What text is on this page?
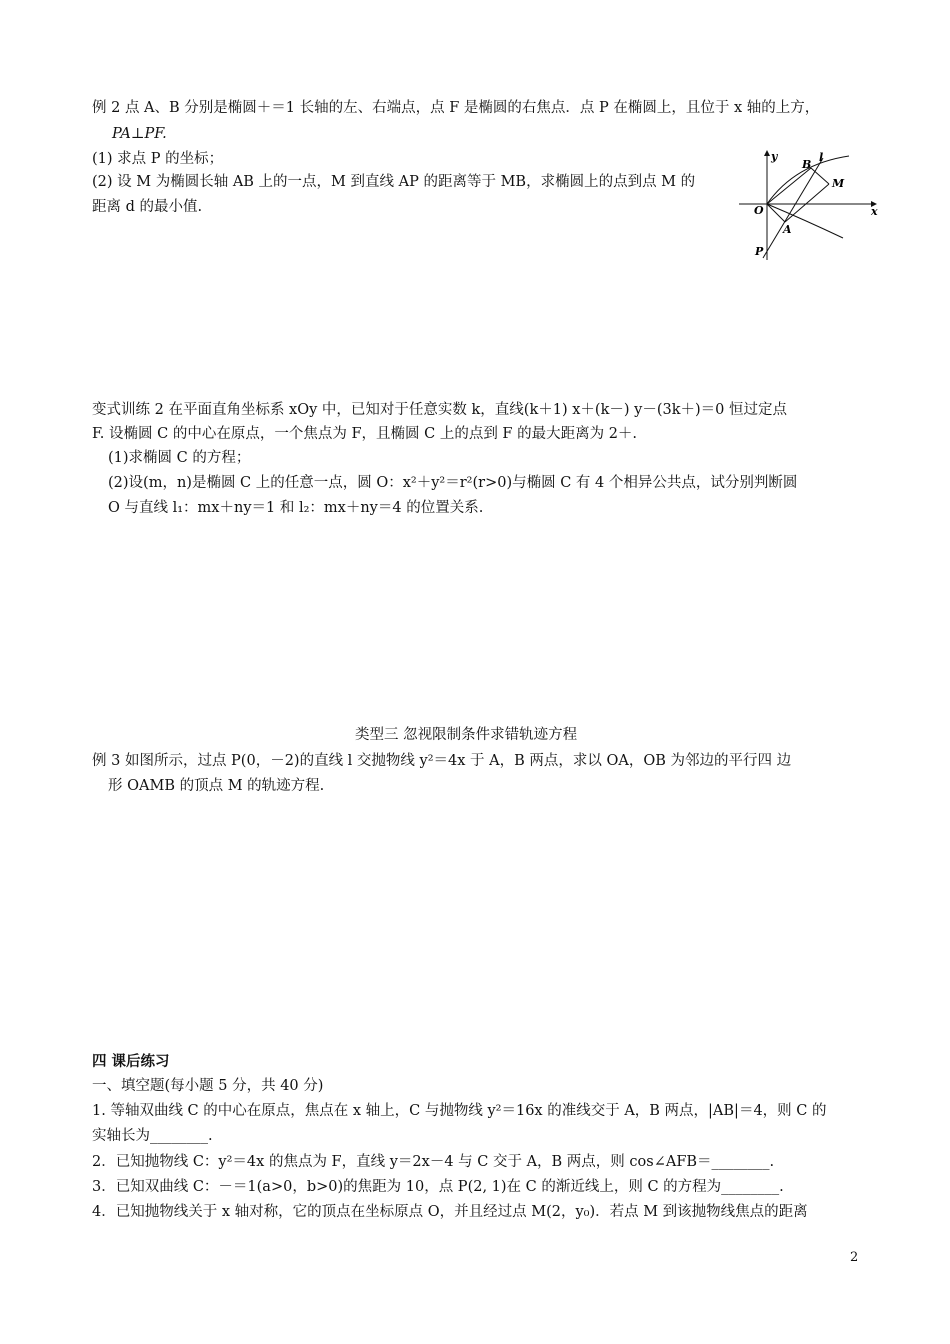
例 2 点 A、B 分别是椭圆＋＝1 长轴的左、右端点，点 F 是椭圆的右焦点．点 P 在椭圆上，且位于 x 轴的上方，
PA⊥PF.
(1) 求点 P 的坐标；
(2) 设 M 为椭圆长轴 AB 上的一点，M 到直线 AP 的距离等于 MB，求椭圆上的点到点 M 的
距离 d 的最小值.
y
x
O
B
l
M
A
P
变式训练 2 在平面直角坐标系 xOy 中，已知对于任意实数 k，直线(k＋1) x＋(k－) y－(3k＋)＝0 恒过定点
F. 设椭圆 C 的中心在原点，一个焦点为 F，且椭圆 C 上的点到 F 的最大距离为 2＋.
(1)求椭圆 C 的方程；
(2)设(m，n)是椭圆 C 上的任意一点，圆 O：x²＋y²＝r²(r>0)与椭圆 C 有 4 个相异公共点，试分别判断圆
O 与直线 l₁：mx＋ny＝1 和 l₂：mx＋ny＝4 的位置关系.
类型三 忽视限制条件求错轨迹方程
例 3 如图所示，过点 P(0，－2)的直线 l 交抛物线 y²＝4x 于 A，B 两点，求以 OA，OB 为邻边的平行四 边
形 OAMB 的顶点 M 的轨迹方程.
四 课后练习
一、填空题(每小题 5 分，共 40 分)
1. 等轴双曲线 C 的中心在原点，焦点在 x 轴上，C 与抛物线 y²＝16x 的准线交于 A，B 两点，|AB|＝4，则 C 的
实轴长为________.
2．已知抛物线 C：y²＝4x 的焦点为 F，直线 y＝2x－4 与 C 交于 A，B 两点，则 cos∠AFB＝________.
3．已知双曲线 C：－＝1(a>0，b>0)的焦距为 10，点 P(2, 1)在 C 的渐近线上，则 C 的方程为________.
4．已知抛物线关于 x 轴对称，它的顶点在坐标原点 O，并且经过点 M(2，y₀)．若点 M 到该抛物线焦点的距离
2
